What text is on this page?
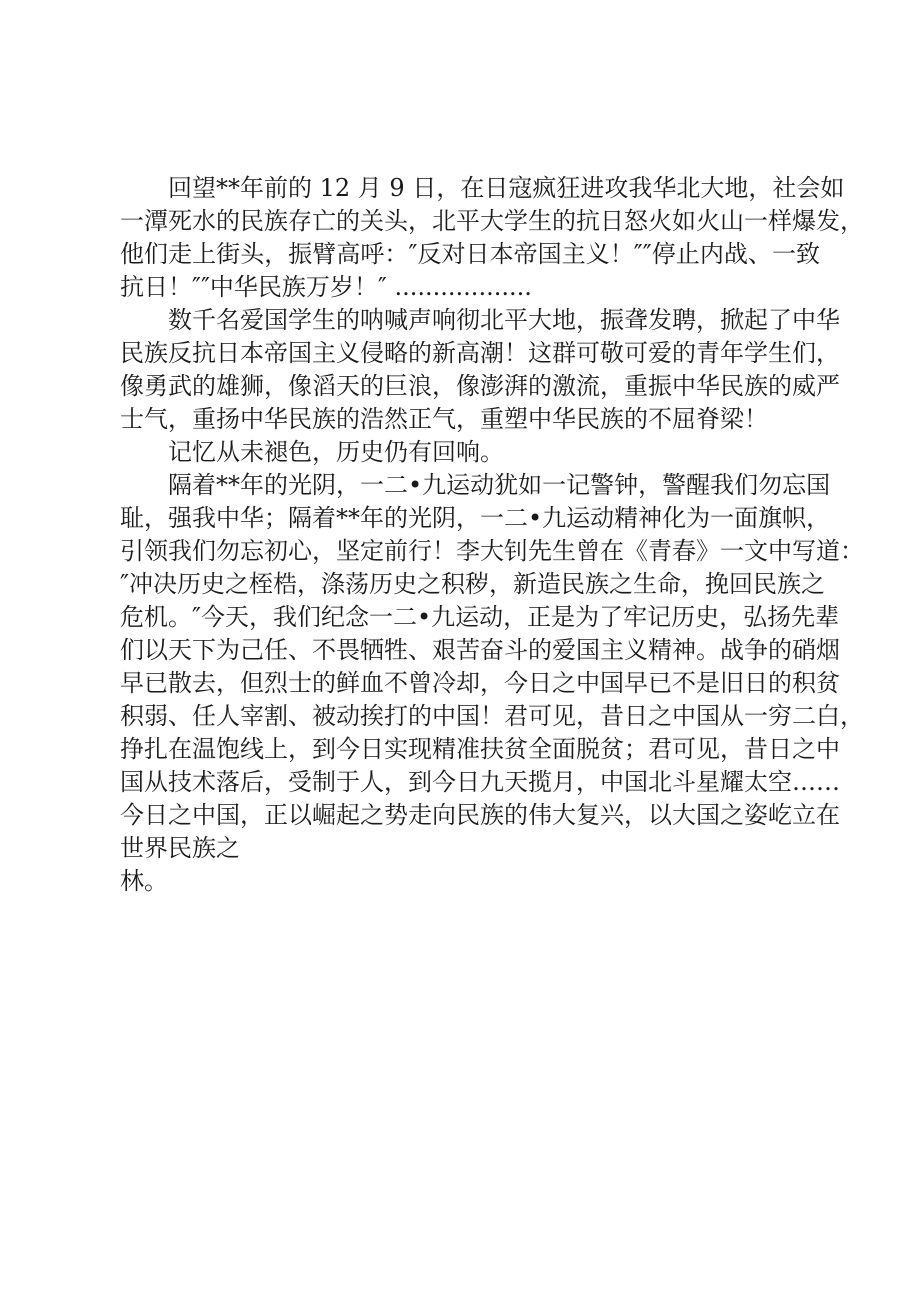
回望**年前的 12 月 9 日，在日寇疯狂进攻我华北大地，社会如
一潭死水的民族存亡的关头，北平大学生的抗日怒火如火山一样爆发，
他们走上街头，振臂高呼：″反对日本帝国主义！″″停止内战、一致
抗日！″″中华民族万岁！″ ..................
数千名爱国学生的呐喊声响彻北平大地，振聋发聘，掀起了中华
民族反抗日本帝国主义侵略的新高潮！这群可敬可爱的青年学生们，
像勇武的雄狮，像滔天的巨浪，像澎湃的激流，重振中华民族的威严
士气，重扬中华民族的浩然正气，重塑中华民族的不屈脊梁！
记忆从未褪色，历史仍有回响。
隔着**年的光阴，一二•九运动犹如一记警钟，警醒我们勿忘国
耻，强我中华；隔着**年的光阴，一二•九运动精神化为一面旗帜，
引领我们勿忘初心，坚定前行！李大钊先生曾在《青春》一文中写道：
″冲决历史之桎梏，涤荡历史之积秽，新造民族之生命，挽回民族之
危机。″今天，我们纪念一二•九运动，正是为了牢记历史，弘扬先辈
们以天下为己任、不畏牺牲、艰苦奋斗的爱国主义精神。战争的硝烟
早已散去，但烈士的鲜血不曾冷却，今日之中国早已不是旧日的积贫
积弱、任人宰割、被动挨打的中国！君可见，昔日之中国从一穷二白，
挣扎在温饱线上，到今日实现精准扶贫全面脱贫；君可见，昔日之中
国从技术落后，受制于人，到今日九天揽月，中国北斗星耀太空……
今日之中国，正以崛起之势走向民族的伟大复兴，以大国之姿屹立在
世界民族之
林。
